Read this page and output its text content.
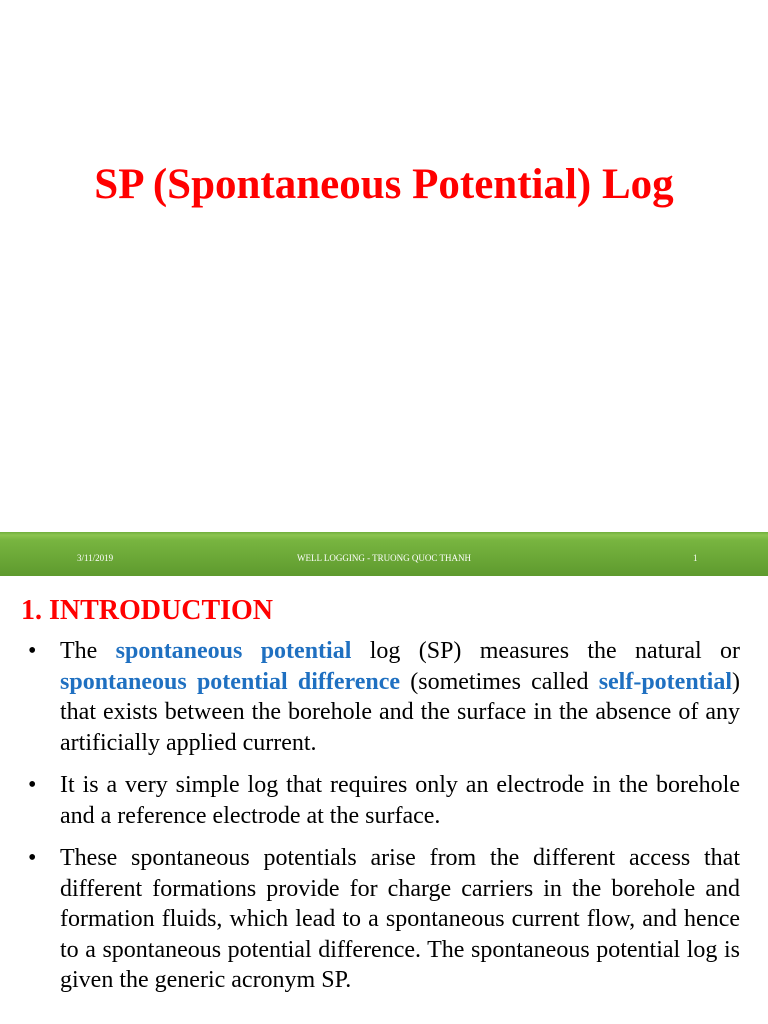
SP (Spontaneous Potential) Log
3/11/2019	WELL LOGGING - TRUONG QUOC THANH	1
1. INTRODUCTION
• The spontaneous potential log (SP) measures the natural or spontaneous potential difference (sometimes called self-potential) that exists between the borehole and the surface in the absence of any artificially applied current.
• It is a very simple log that requires only an electrode in the borehole and a reference electrode at the surface.
• These spontaneous potentials arise from the different access that different formations provide for charge carriers in the borehole and formation fluids, which lead to a spontaneous current flow, and hence to a spontaneous potential difference. The spontaneous potential log is given the generic acronym SP.
